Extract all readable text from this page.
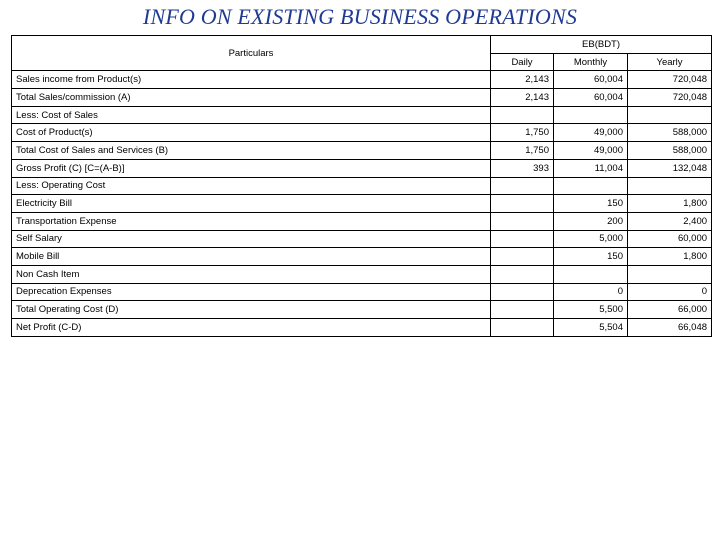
INFO ON EXISTING BUSINESS OPERATIONS
Particulars	EB(BDT)		
	Daily	Monthly	Yearly
Sales income from Product(s)	2,143	60,004	720,048
Total Sales/commission (A)	2,143	60,004	720,048
Less: Cost of Sales			
Cost of Product(s)	1,750	49,000	588,000
Total Cost of Sales and Services (B)	1,750	49,000	588,000
Gross Profit (C) [C=(A-B)]	393	11,004	132,048
Less: Operating Cost			
Electricity Bill		150	1,800
Transportation Expense		200	2,400
Self Salary		5,000	60,000
Mobile Bill		150	1,800
Non Cash Item			
Deprecation Expenses		0	0
Total Operating Cost (D)		5,500	66,000
Net Profit (C-D)		5,504	66,048
